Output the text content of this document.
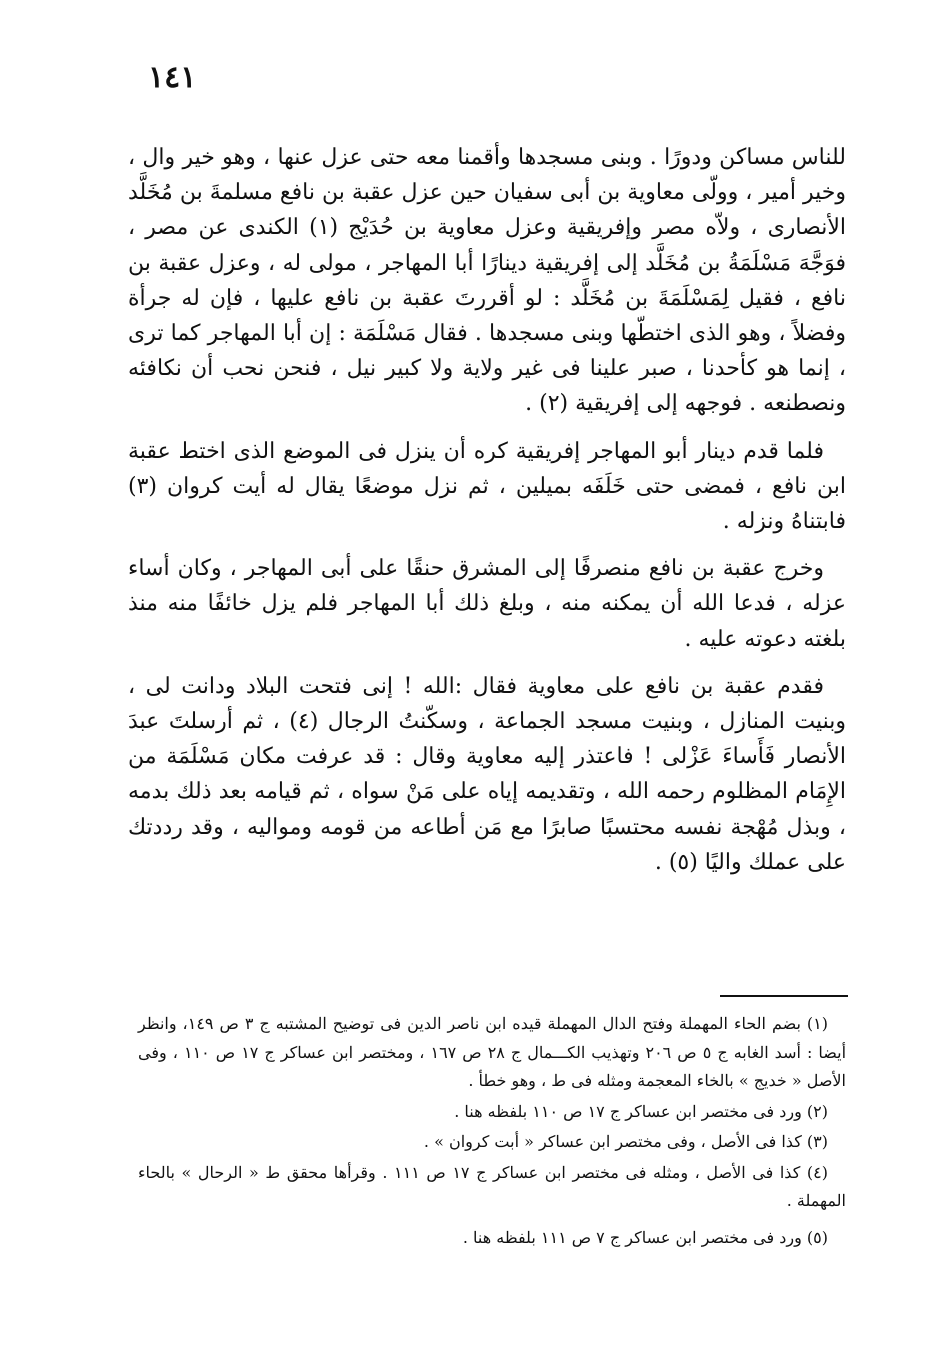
١٤١

للناس مساكن ودورًا . وبنى مسجدها وأقمنا معه حتى عزل عنها ، وهو خير وال ، وخير أمير ، وولّى معاوية بن أبى سفيان حين عزل عقبة بن نافع مسلمةَ بن مُخَلَّد الأنصارى ، ولاّه مصر وإفريقية وعزل معاوية بن حُدَيْج (١) الكندى عن مصر ، فوَجَّهَ مَسْلَمَةُ بن مُخَلَّد إلى إفريقية دينارًا أبا المهاجر ، مولى له ، وعزل عقبة بن نافع ، فقيل لِمَسْلَمَةَ بن مُخَلَّد : لو أقررتَ عقبة بن نافع عليها ، فإن له جرأة وفضلاً ، وهو الذى اختطّها وبنى مسجدها . فقال مَسْلَمَة : إن أبا المهاجر كما ترى ، إنما هو كأحدنا ، صبر علينا فى غير ولاية ولا كبير نيل ، فنحن نحب أن نكافئه ونصطنعه . فوجهه إلى إفريقية (٢) .

فلما قدم دينار أبو المهاجر إفريقية كره أن ينزل فى الموضع الذى اختط عقبة ابن نافع ، فمضى حتى خَلَفَه بميلين ، ثم نزل موضعًا يقال له أيت كروان (٣) فابتناهُ ونزله .

وخرج عقبة بن نافع منصرفًا إلى المشرق حنقًا على أبى المهاجر ، وكان أساء عزله ، فدعا الله أن يمكنه منه ، وبلغ ذلك أبا المهاجر فلم يزل خائفًا منه منذ بلغته دعوته عليه .

فقدم عقبة بن نافع على معاوية فقال :الله ! إنى فتحت البلاد ودانت لى ، وبنيت المنازل ، وبنيت مسجد الجماعة ، وسكّنتُ الرجال (٤) ، ثم أرسلتَ عبدَ الأنصار فَأَساءَ عَزْلى ! فاعتذر إليه معاوية وقال : قد عرفت مكان مَسْلَمَة من الإِمَام المظلوم رحمه الله ، وتقديمه إياه على مَنْ سواه ، ثم قيامه بعد ذلك بدمه ، وبذل مُهْجة نفسه محتسبًا صابرًا مع مَن أطاعه من قومه ومواليه ، وقد رددتك على عملك واليًا (٥) .

(١) بضم الحاء المهملة وفتح الدال المهملة قيده ابن ناصر الدين فى توضيح المشتبه ج ٣ ص ١٤٩، وانظر أيضا : أسد الغابه ج ٥ ص ٢٠٦ وتهذيب الكـــمال ج ٢٨ ص ١٦٧ ، ومختصر ابن عساكر ج ١٧ ص ١١٠ ، وفى الأصل « خديج » بالخاء المعجمة ومثله فى ط ، وهو خطأ .

(٢) ورد فى مختصر ابن عساكر ج ١٧ ص ١١٠ بلفظه هنا .

(٣) كذا فى الأصل ، وفى مختصر ابن عساكر « أبت كروان » .

(٤) كذا فى الأصل ، ومثله فى مختصر ابن عساكر ج ١٧ ص ١١١ . وقرأها محقق ط « الرحال » بالحاء المهملة .

(٥) ورد فى مختصر ابن عساكر ج ٧ ص ١١١ بلفظه هنا .
